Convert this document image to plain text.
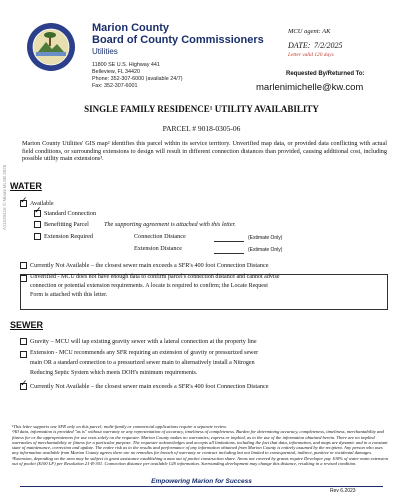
Marion County
Board of County Commissioners
Utilities
11800 SE U.S. Highway 441
Belleview, FL 34420
Phone: 352-307-6000 (available 24/7)
Fax: 352-307-6001
MCU agent: AK
DATE: 7/2/2025
Letter valid 120 days
Requested By/Returned To:
marlenimichelle@kw.com
SINGLE FAMILY RESIDENCE¹ UTILITY AVAILABILITY
PARCEL # 9018-0305-06
Marion County Utilities' GIS map² identifies this parcel within its service territory. Unverified map data, or provided data conflicting with actual field conditions, or surrounding extensions to design will result in different connection distances than provided, causing additional cost, including possible utility main extensions³.
WATER
✓ Available
✓ Standard Connection
Benefitting Parcel The supporting agreement is attached with this letter.
Extension Required	Connection Distance	(Estimate Only)
Extension Distance	(Estimate Only)
Currently Not Available – the closest sewer main exceeds a SFR's 400 foot Connection Distance
Unverified - MCU does not have enough data to confirm parcel's connection distance and cannot advise
connection or potential extension requirements. A locate is required to confirm; the Locate Request
Form is attached with this letter.
SEWER
Gravity – MCU will tap existing gravity sewer with a lateral connection at the property line
Extension - MCU recommends any SFR requiring an extension of gravity or pressurized sewer
main OR a standard connection to a pressurized sewer main to alternatively install a Nitrogen
Reducing Septic System which meets DOH's minimum requirements.
✓ Currently Not Available – the closest sewer main exceeds a SFR's 400 foot Connection Distance

¹This letter supports one SFR only on this parcel; multi-family or commercial applications require a separate review.

²All data, information is provided "as is" without warranty or any representation of accuracy, timeliness of completeness. Burden for determining accuracy, completeness, timeliness, merchantability and fitness for or the appropriateness for use rests solely on the requester. Marion County makes no warranties, express or implied, as to the use of the information obtained herein. There are no implied warranties of merchantability or fitness for a particular purpose. The requester acknowledges and accepts all limitations, including the fact that data, information, and maps are dynamic and in a constant state of maintenance, correction and update. The entire risk as to the results and performance of any information obtained from Marion County is entirely assumed by the recipient. Any person who uses any information available from Marion County agrees there are no remedies for breach of warranty or contract including but not limited to consequential, indirect, punitive or incidental damages.

³Extension, depending on the area may be subject to grant assistance establishing a max out of pocket construction share. Areas not covered by grants require Developer pay 100% of water main extension out of pocket ($100 LF) per Resolution 21-R-301. Connection distance per available GIS information. Surrounding development may change this distance, resulting in a revised condition.

A11520416 © Miami MLSB 2026
Empowering Marion for Success
Rev 6.2023
